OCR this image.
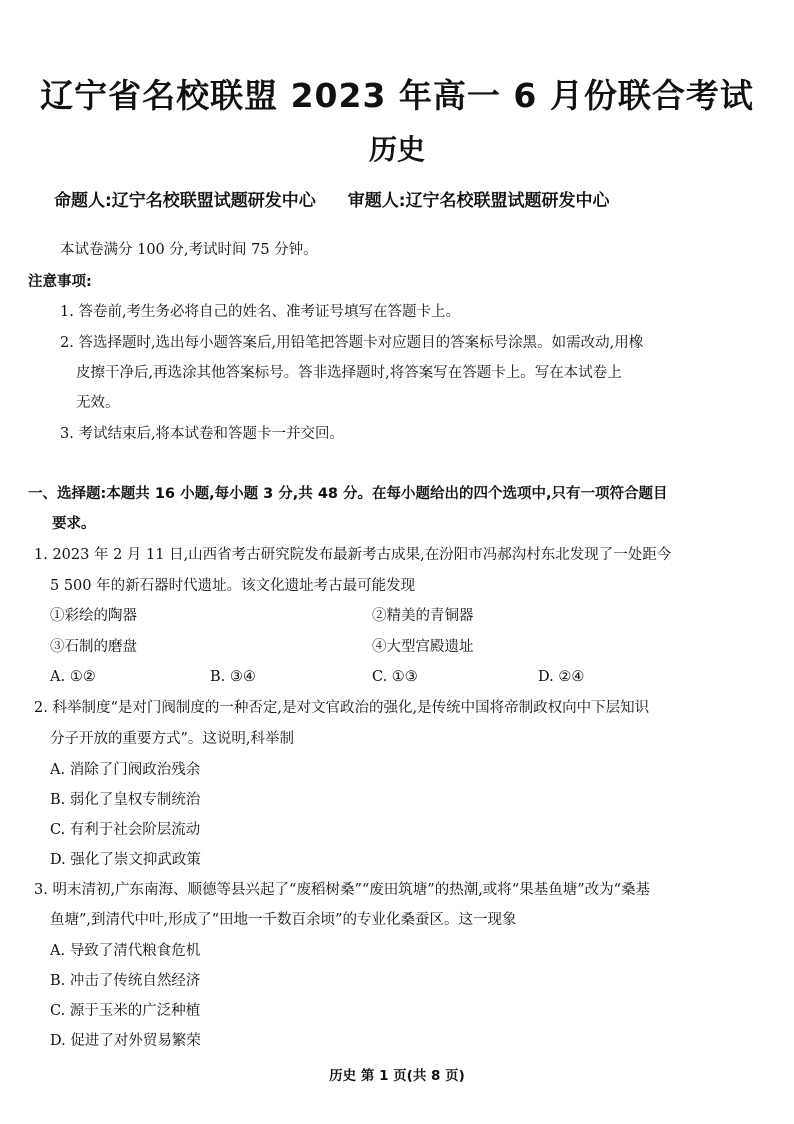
辽宁省名校联盟 2023 年高一 6 月份联合考试
历史
命题人:辽宁名校联盟试题研发中心 审题人:辽宁名校联盟试题研发中心
本试卷满分 100 分,考试时间 75 分钟。
注意事项:
1. 答卷前,考生务必将自己的姓名、准考证号填写在答题卡上。
2. 答选择题时,选出每小题答案后,用铅笔把答题卡对应题目的答案标号涂黑。如需改动,用橡
皮擦干净后,再选涂其他答案标号。答非选择题时,将答案写在答题卡上。写在本试卷上
无效。
3. 考试结束后,将本试卷和答题卡一并交回。
一、选择题:本题共 16 小题,每小题 3 分,共 48 分。在每小题给出的四个选项中,只有一项符合题目
要求。
1. 2023 年 2 月 11 日,山西省考古研究院发布最新考古成果,在汾阳市冯郝沟村东北发现了一处距今
5 500 年的新石器时代遗址。该文化遗址考古最可能发现
①彩绘的陶器	②精美的青铜器
③石制的磨盘	④大型宫殿遗址
A. ①②	B. ③④	C. ①③	D. ②④
2. 科举制度“是对门阀制度的一种否定,是对文官政治的强化,是传统中国将帝制政权向中下层知识
分子开放的重要方式”。这说明,科举制
A. 消除了门阀政治残余
B. 弱化了皇权专制统治
C. 有利于社会阶层流动
D. 强化了崇文抑武政策
3. 明末清初,广东南海、顺德等县兴起了“废稻树桑”“废田筑塘”的热潮,或将“果基鱼塘”改为“桑基
鱼塘”,到清代中叶,形成了“田地一千数百余顷”的专业化桑蚕区。这一现象
A. 导致了清代粮食危机
B. 冲击了传统自然经济
C. 源于玉米的广泛种植
D. 促进了对外贸易繁荣
历史 第 1 页(共 8 页)
